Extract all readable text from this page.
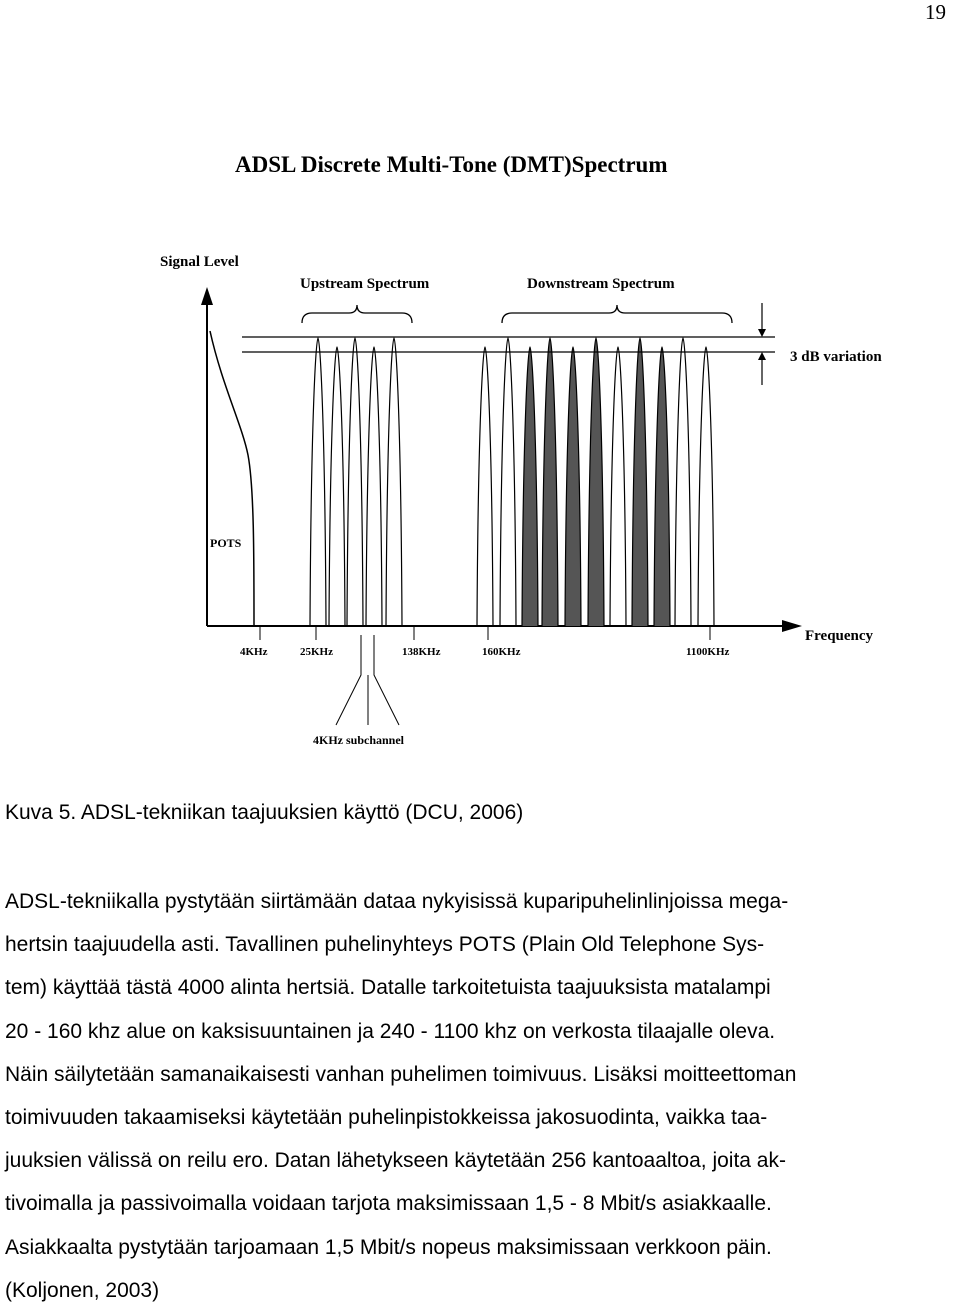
19
ADSL Discrete Multi-Tone (DMT)Spectrum
Signal Level
Upstream Spectrum	Downstream Spectrum
3 dB variation
POTS
Frequency
4KHz subchannel
4KHz	25KHz	138KHz	160KHz	1100KHz
Kuva 5. ADSL-tekniikan taajuuksien käyttö (DCU, 2006)
ADSL-tekniikalla pystytään siirtämään dataa nykyisissä kuparipuhelinlinjoissa mega-
hertsin taajuudella asti. Tavallinen puhelinyhteys POTS (Plain Old Telephone Sys-
tem) käyttää tästä 4000 alinta hertsiä. Datalle tarkoitetuista taajuuksista matalampi
20 - 160 khz alue on kaksisuuntainen ja 240 - 1100 khz on verkosta tilaajalle oleva.
Näin säilytetään samanaikaisesti vanhan puhelimen toimivuus. Lisäksi moitteettoman
toimivuuden takaamiseksi käytetään puhelinpistokkeissa jakosuodinta, vaikka taa-
juuksien välissä on reilu ero. Datan lähetykseen käytetään 256 kantoaaltoa, joita ak-
tivoimalla ja passivoimalla voidaan tarjota maksimissaan 1,5 - 8 Mbit/s asiakkaalle.
Asiakkaalta pystytään tarjoamaan 1,5 Mbit/s nopeus maksimissaan verkkoon päin.
(Koljonen, 2003)
